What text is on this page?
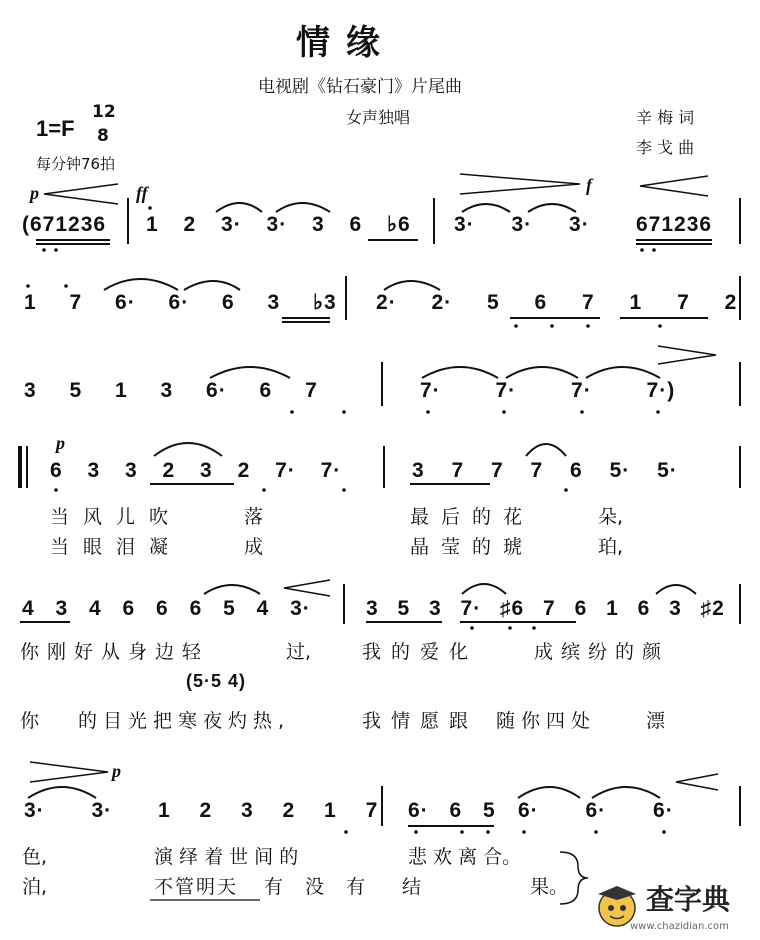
情 缘
电视剧《钻石豪门》片尾曲
女声独唱	辛 梅 词
李 戈 曲
1=F
12
8
每分钟76拍
p	ff	f
p
p
(671236 1 2 3· 3· 3 6 ♭6 3· 3· 3· 671236
1 7 6· 6· 6 3 ♭3 2· 2· 5 6 7 1 7 2
3 5 1 3 6· 6 7	7· 7· 7· 7·)
6 3 3 2 3 2 7· 7·	3 7 7 7 6 5· 5·
当风儿吹	落	最后的花	朵,
当眼泪凝	成	晶莹的琥	珀,
4 3 4 6 6 6 5 4 3·	3 5 3 7· ♯6 7 6 1 6 3 ♯2
你刚好从身边轻	过,	我的爱化	成缤纷的颜
(5·5 4)
你 的目光把寒夜灼热,	我情愿跟 随你四处	漂
3· 3· 1 2 3 2 1 7 6· 6 5 6· 6· 6·
色,	演 绎 着 世 间 的	悲 欢 离 合。
泊,	不管明天 有 没 有 结	果。	查字典
www.chazidian.com
